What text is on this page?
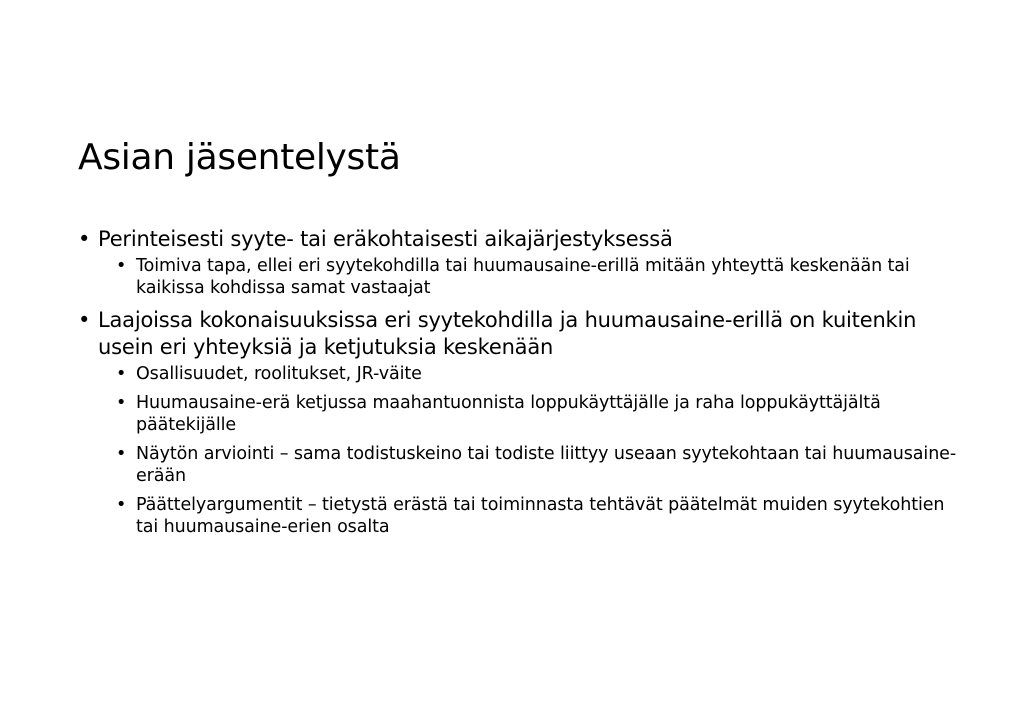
Asian jäsentelystä
• Perinteisesti syyte- tai eräkohtaisesti aikajärjestyksessä
• Toimiva tapa, ellei eri syytekohdilla tai huumausaine-erillä mitään yhteyttä keskenään tai kaikissa kohdissa samat vastaajat
• Laajoissa kokonaisuuksissa eri syytekohdilla ja huumausaine-erillä on kuitenkin usein eri yhteyksiä ja ketjutuksia keskenään
• Osallisuudet, roolitukset, JR-väite
• Huumausaine-erä ketjussa maahantuonnista loppukäyttäjälle ja raha loppukäyttäjältä päätekijälle
• Näytön arviointi – sama todistuskeino tai todiste liittyy useaan syytekohtaan tai huumausaine-erään
• Päättelyargumentit – tietystä erästä tai toiminnasta tehtävät päätelmät muiden syytekohtien tai huumausaine-erien osalta
